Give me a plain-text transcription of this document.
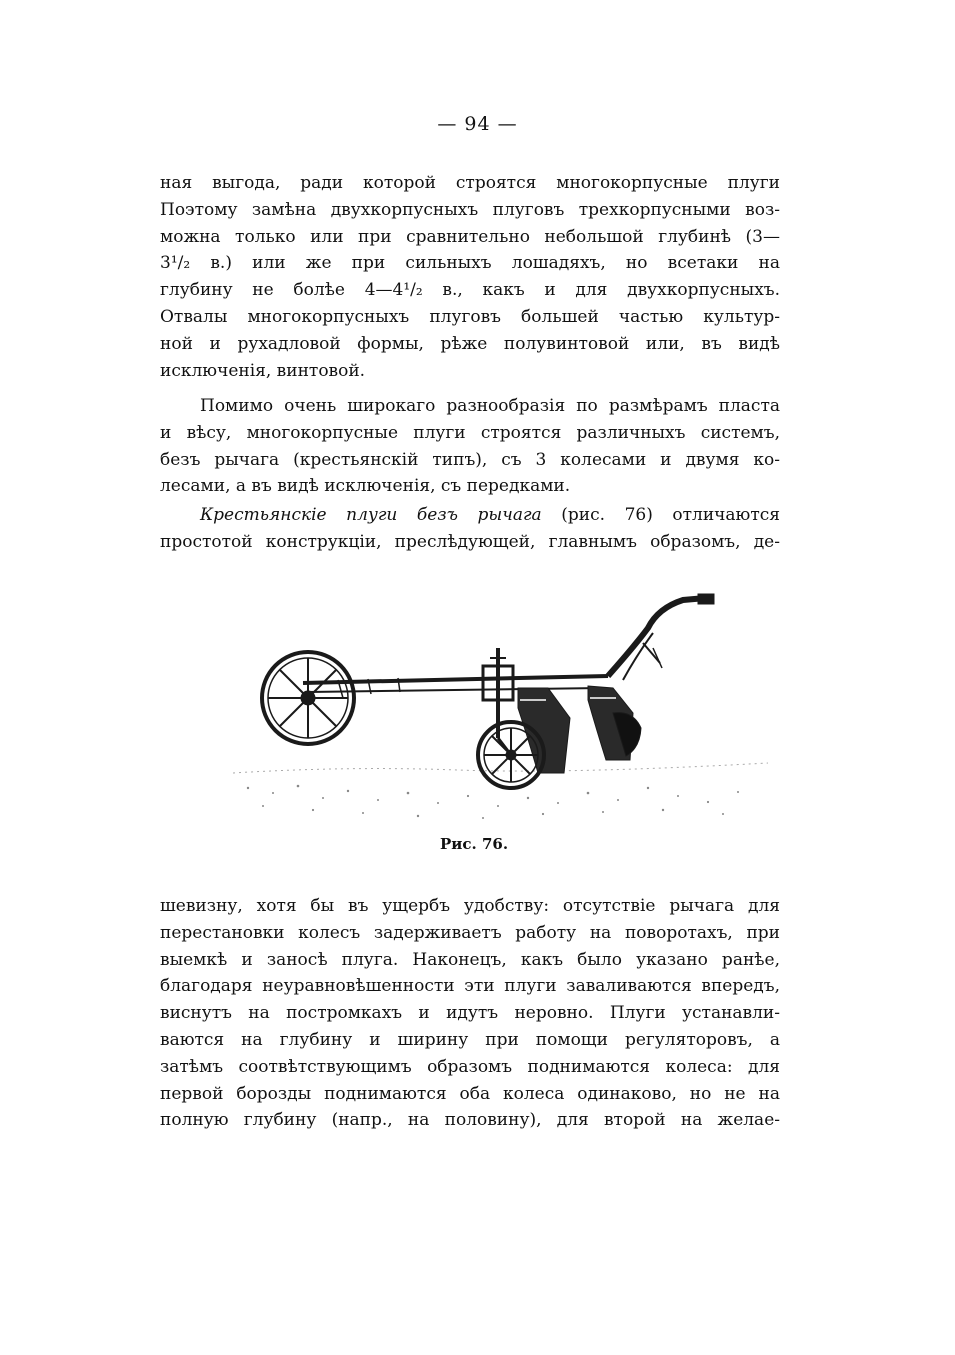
— 94 —
ная выгода, ради которой строятся многокорпусные плуги
Поэтому замѣна двухкорпусныхъ плуговъ трехкорпусными воз-
можна только или при сравнительно небольшой глубинѣ (3—
3¹/₂ в.) или же при сильныхъ лошадяхъ, но всетаки на
глубину не болѣе 4—4¹/₂ в., какъ и для двухкорпусныхъ.
Отвалы многокорпусныхъ плуговъ большей частью культур-
ной и рухадловой формы, рѣже полувинтовой или, въ видѣ
исключенія, винтовой.
Помимо очень широкаго разнообразія по размѣрамъ пласта
и вѣсу, многокорпусные плуги строятся различныхъ системъ,
безъ рычага (крестьянскій типъ), съ 3 колесами и двумя ко-
лесами, а въ видѣ исключенія, съ передками.
Крестьянскіе плуги безъ рычага (рис. 76) отличаются
простотой конструкціи, преслѣдующей, главнымъ образомъ, де-
Рис. 76.
шевизну, хотя бы въ ущербъ удобству: отсутствіе рычага для
перестановки колесъ задерживаетъ работу на поворотахъ, при
выемкѣ и заносѣ плуга. Наконецъ, какъ было указано ранѣе,
благодаря неуравновѣшенности эти плуги заваливаются впередъ,
виснутъ на постромкахъ и идутъ неровно. Плуги устанавли-
ваются на глубину и ширину при помощи регуляторовъ, а
затѣмъ соотвѣтствующимъ образомъ поднимаются колеса: для
первой борозды поднимаются оба колеса одинаково, но не на
полную глубину (напр., на половину), для второй на желае-
